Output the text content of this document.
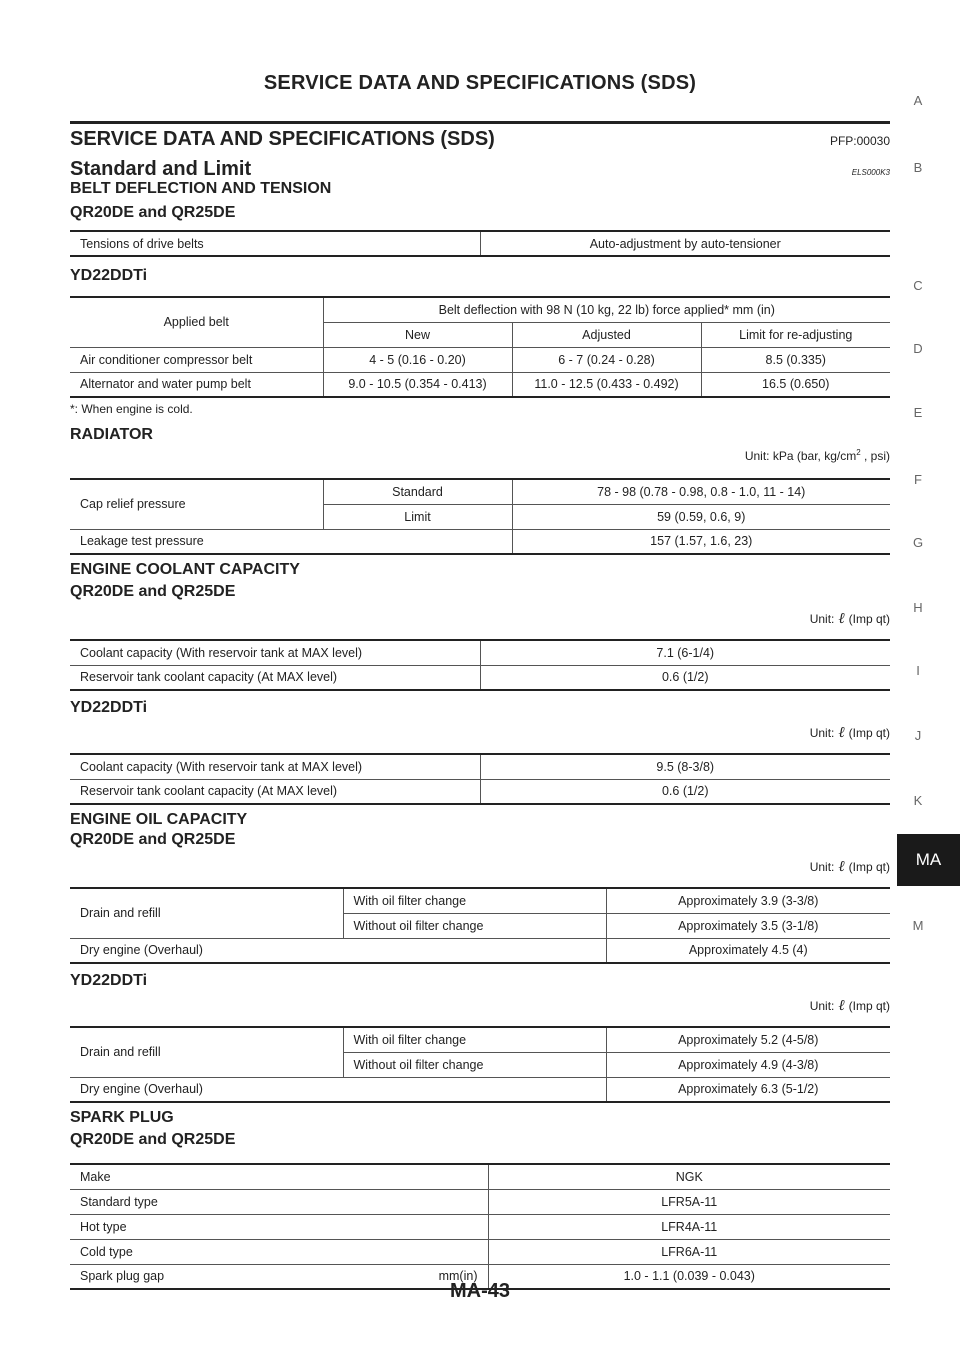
SERVICE DATA AND SPECIFICATIONS (SDS)
SERVICE DATA AND SPECIFICATIONS (SDS)	PFP:00030
Standard and Limit	ELS000K3
BELT DEFLECTION AND TENSION
QR20DE and QR25DE
Tensions of drive belts	Auto-adjustment by auto-tensioner
YD22DDTi
Applied belt	Belt deflection with 98 N (10 kg, 22 lb) force applied* mm (in)		
	New	Adjusted	Limit for re-adjusting
Air conditioner compressor belt	4 - 5 (0.16 - 0.20)	6 - 7 (0.24 - 0.28)	8.5 (0.335)
Alternator and water pump belt	9.0 - 10.5 (0.354 - 0.413)	11.0 - 12.5 (0.433 - 0.492)	16.5 (0.650)
*: When engine is cold.
RADIATOR
Unit: kPa (bar, $kg/cm^2$ , psi)
Cap relief pressure	Standard	78 - 98 (0.78 - 0.98, 0.8 - 1.0, 11 - 14)
	Limit	59 (0.59, 0.6, 9)
Leakage test pressure		157 (1.57, 1.6, 23)
ENGINE COOLANT CAPACITY
QR20DE and QR25DE
Unit: ℓ (Imp qt)
Coolant capacity (With reservoir tank at MAX level)	7.1 (6-1/4)
Reservoir tank coolant capacity (At MAX level)	0.6 (1/2)
YD22DDTi
Unit: ℓ (Imp qt)
Coolant capacity (With reservoir tank at MAX level)	9.5 (8-3/8)
Reservoir tank coolant capacity (At MAX level)	0.6 (1/2)
ENGINE OIL CAPACITY
QR20DE and QR25DE
Unit: ℓ (Imp qt)
Drain and refill	With oil filter change	Approximately 3.9 (3-3/8)
	Without oil filter change	Approximately 3.5 (3-1/8)
Dry engine (Overhaul)		Approximately 4.5 (4)
YD22DDTi
Unit: ℓ (Imp qt)
Drain and refill	With oil filter change	Approximately 5.2 (4-5/8)
	Without oil filter change	Approximately 4.9 (4-3/8)
Dry engine (Overhaul)		Approximately 6.3 (5-1/2)
SPARK PLUG
QR20DE and QR25DE
Make	NGK
Standard type	LFR5A-11
Hot type	LFR4A-11
Cold type	LFR6A-11
Spark plug gap mm(in)	1.0 - 1.1 (0.039 - 0.043)
A
B
C
D
E
F
G
H
I
J
K
MA
M
MA-43
